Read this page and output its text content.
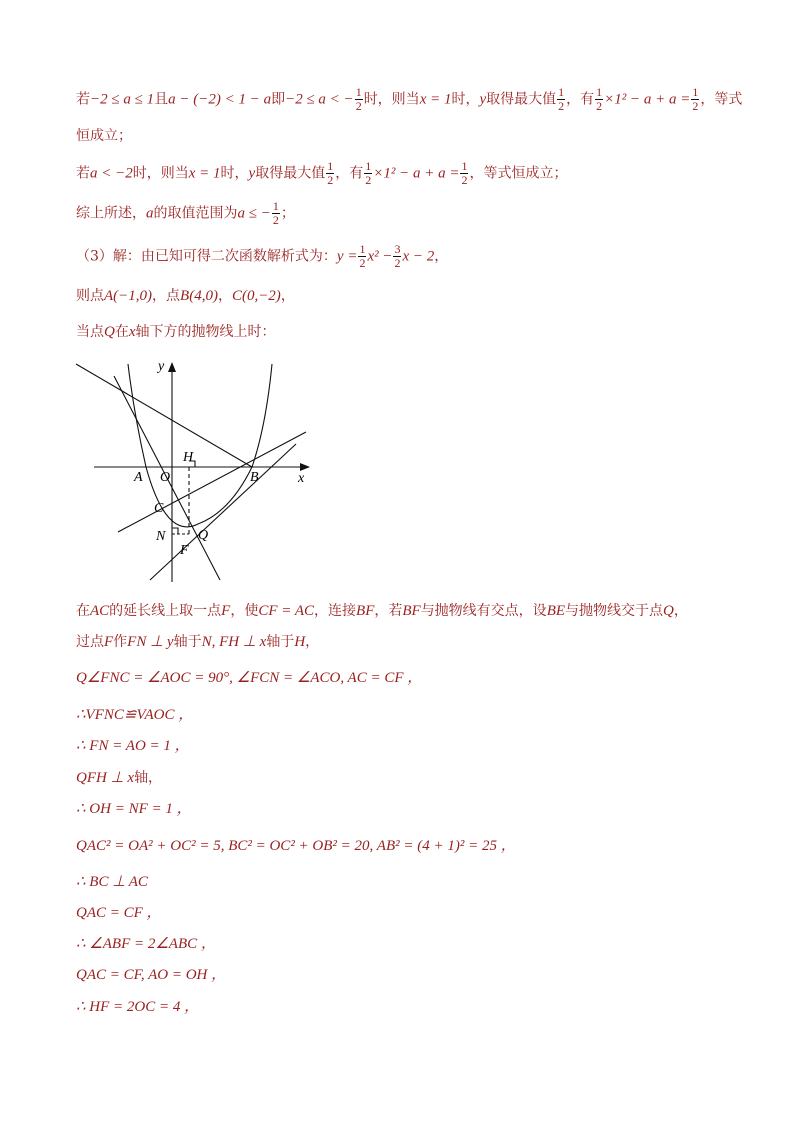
若−2 ≤ a ≤ 1且a − (−2) < 1 − a即−2 ≤ a < − $\frac{1}{2}$ 时，则当x = 1时，y取得最大值 $\frac{1}{2}$ ，有 $\frac{1}{2} \times 1^2 - a + a = \frac{1}{2}$ ，等式
恒成立；
若a < −2时，则当x = 1时，y取得最大值 $\frac{1}{2}$ ，有 $\frac{1}{2} \times 1^2 - a + a = \frac{1}{2}$ ，等式恒成立；
综上所述，a的取值范围为a ≤ − $\frac{1}{2}$ ；
（3）解：由已知可得二次函数解析式为：$y = \frac{1}{2} x^2 - \frac{3}{2}$ x − 2，
则点A(−1,0)，点B(4,0)，C(0,−2)，
当点Q在x轴下方的抛物线上时：
y
x
H
O
A	B
C
N Q
F
在AC的延长线上取一点F，使CF = AC，连接BF，若BF与抛物线有交点，设BE与抛物线交于点Q，
过点F作FN ⊥ y轴于N, FH ⊥ x轴于H，
Q∠FNC = ∠AOC = 90°, ∠FCN = ∠ACO, AC = CF ，
∴VFNC≌VAOC ，
∴ FN = AO = 1 ，
QFH ⊥ x轴，
∴ OH = NF = 1 ，
QAC² = OA² + OC² = 5, BC² = OC² + OB² = 20, AB² = (4 + 1)² = 25 ，
∴ BC ⊥ AC
QAC = CF ，
∴ ∠ABF = 2∠ABC ，
QAC = CF, AO = OH ，
∴ HF = 2OC = 4 ，
